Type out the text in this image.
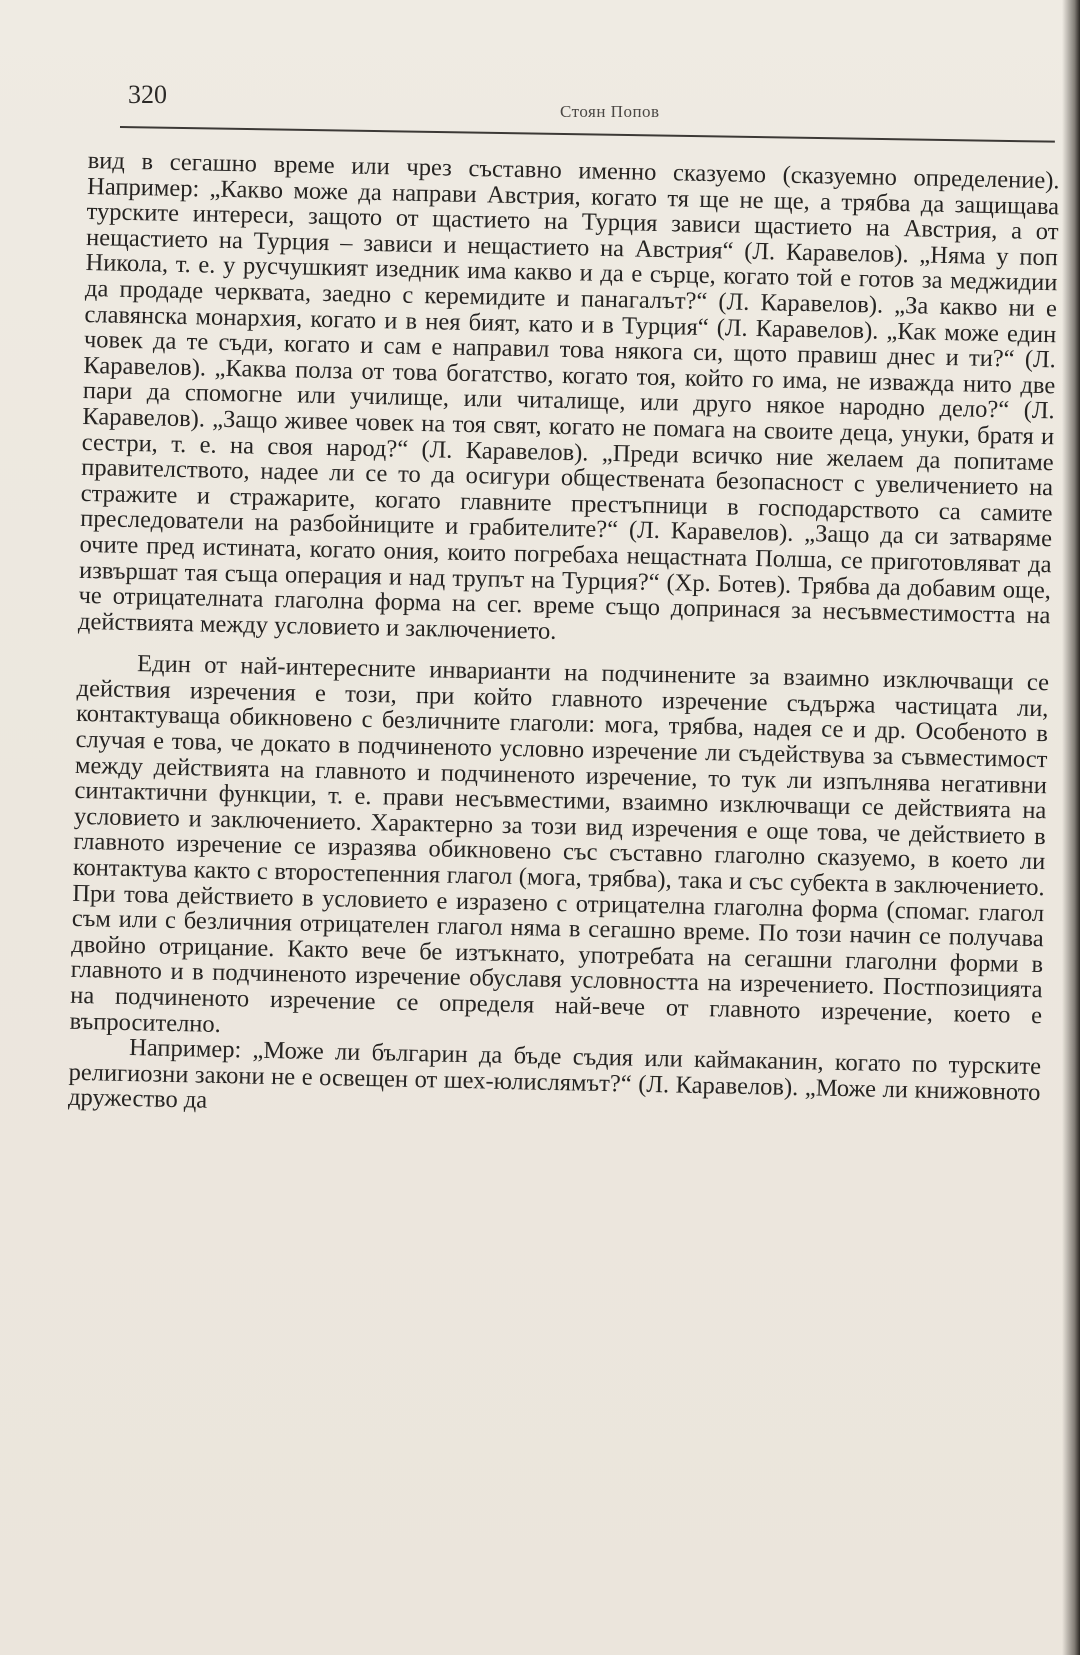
320
Стоян Попов

вид в сегашно време или чрез съставно именно сказуемо (сказуемно определение). Например: „Какво може да направи Австрия, когато тя ще не ще, а трябва да защищава турските интереси, защото от щастието на Турция зависи щастието на Австрия, а от нещастието на Турция – зависи и нещастието на Австрия“ (Л. Каравелов). „Няма у поп Никола, т. е. у русчушкият изедник има какво и да е сърце, когато той е готов за меджидии да продаде черквата, заедно с керемидите и панагалът?“ (Л. Каравелов). „За какво ни е славянска монархия, когато и в нея бият, като и в Турция“ (Л. Каравелов). „Как може един човек да те съди, когато и сам е направил това някога си, щото правиш днес и ти?“ (Л. Каравелов). „Каква полза от това богатство, когато тоя, който го има, не изважда нито две пари да спомогне или училище, или читалище, или друго някое народно дело?“ (Л. Каравелов). „Защо живее човек на тоя свят, когато не помага на своите деца, унуки, братя и сестри, т. е. на своя народ?“ (Л. Каравелов). „Преди всичко ние желаем да попитаме правителството, надее ли се то да осигури обществената безопасност с увеличението на стражите и стражарите, когато главните престъпници в господарството са самите преследователи на разбойниците и грабителите?“ (Л. Каравелов). „Защо да си затваряме очите пред истината, когато ония, които погребаха нещастната Полша, се приготовляват да извършат тая съща операция и над трупът на Турция?“ (Хр. Ботев). Трябва да добавим още, че отрицателната глаголна форма на сег. време също допринася за несъвместимостта на действията между условието и заключението.

Един от най-интересните инварианти на подчинените за взаимно изключващи се действия изречения е този, при който главното изречение съдържа частицата ли, контактуваща обикновено с безличните глаголи: мога, трябва, надея се и др. Особеното в случая е това, че докато в подчиненото условно изречение ли съдействува за съвместимост между действията на главното и подчиненото изречение, то тук ли изпълнява негативни синтактични функции, т. е. прави несъвместими, взаимно изключващи се действията на условието и заключението. Характерно за този вид изречения е още това, че действието в главното изречение се изразява обикновено със съставно глаголно сказуемо, в което ли контактува както с второстепенния глагол (мога, трябва), така и със субекта в заключението. При това действието в условието е изразено с отрицателна глаголна форма (спомаг. глагол съм или с безличния отрицателен глагол няма в сегашно време. По този начин се получава двойно отрицание. Както вече бе изтъкнато, употребата на сегашни глаголни форми в главното и в подчиненото изречение обуславя условността на изречението. Постпозицията на подчиненото изречение се определя най-вече от главното изречение, което е въпросително.

Например: „Може ли българин да бъде съдия или каймаканин, когато по турските религиозни закони не е освещен от шех-юлислямът?“ (Л. Каравелов). „Може ли книжовното дружество да
